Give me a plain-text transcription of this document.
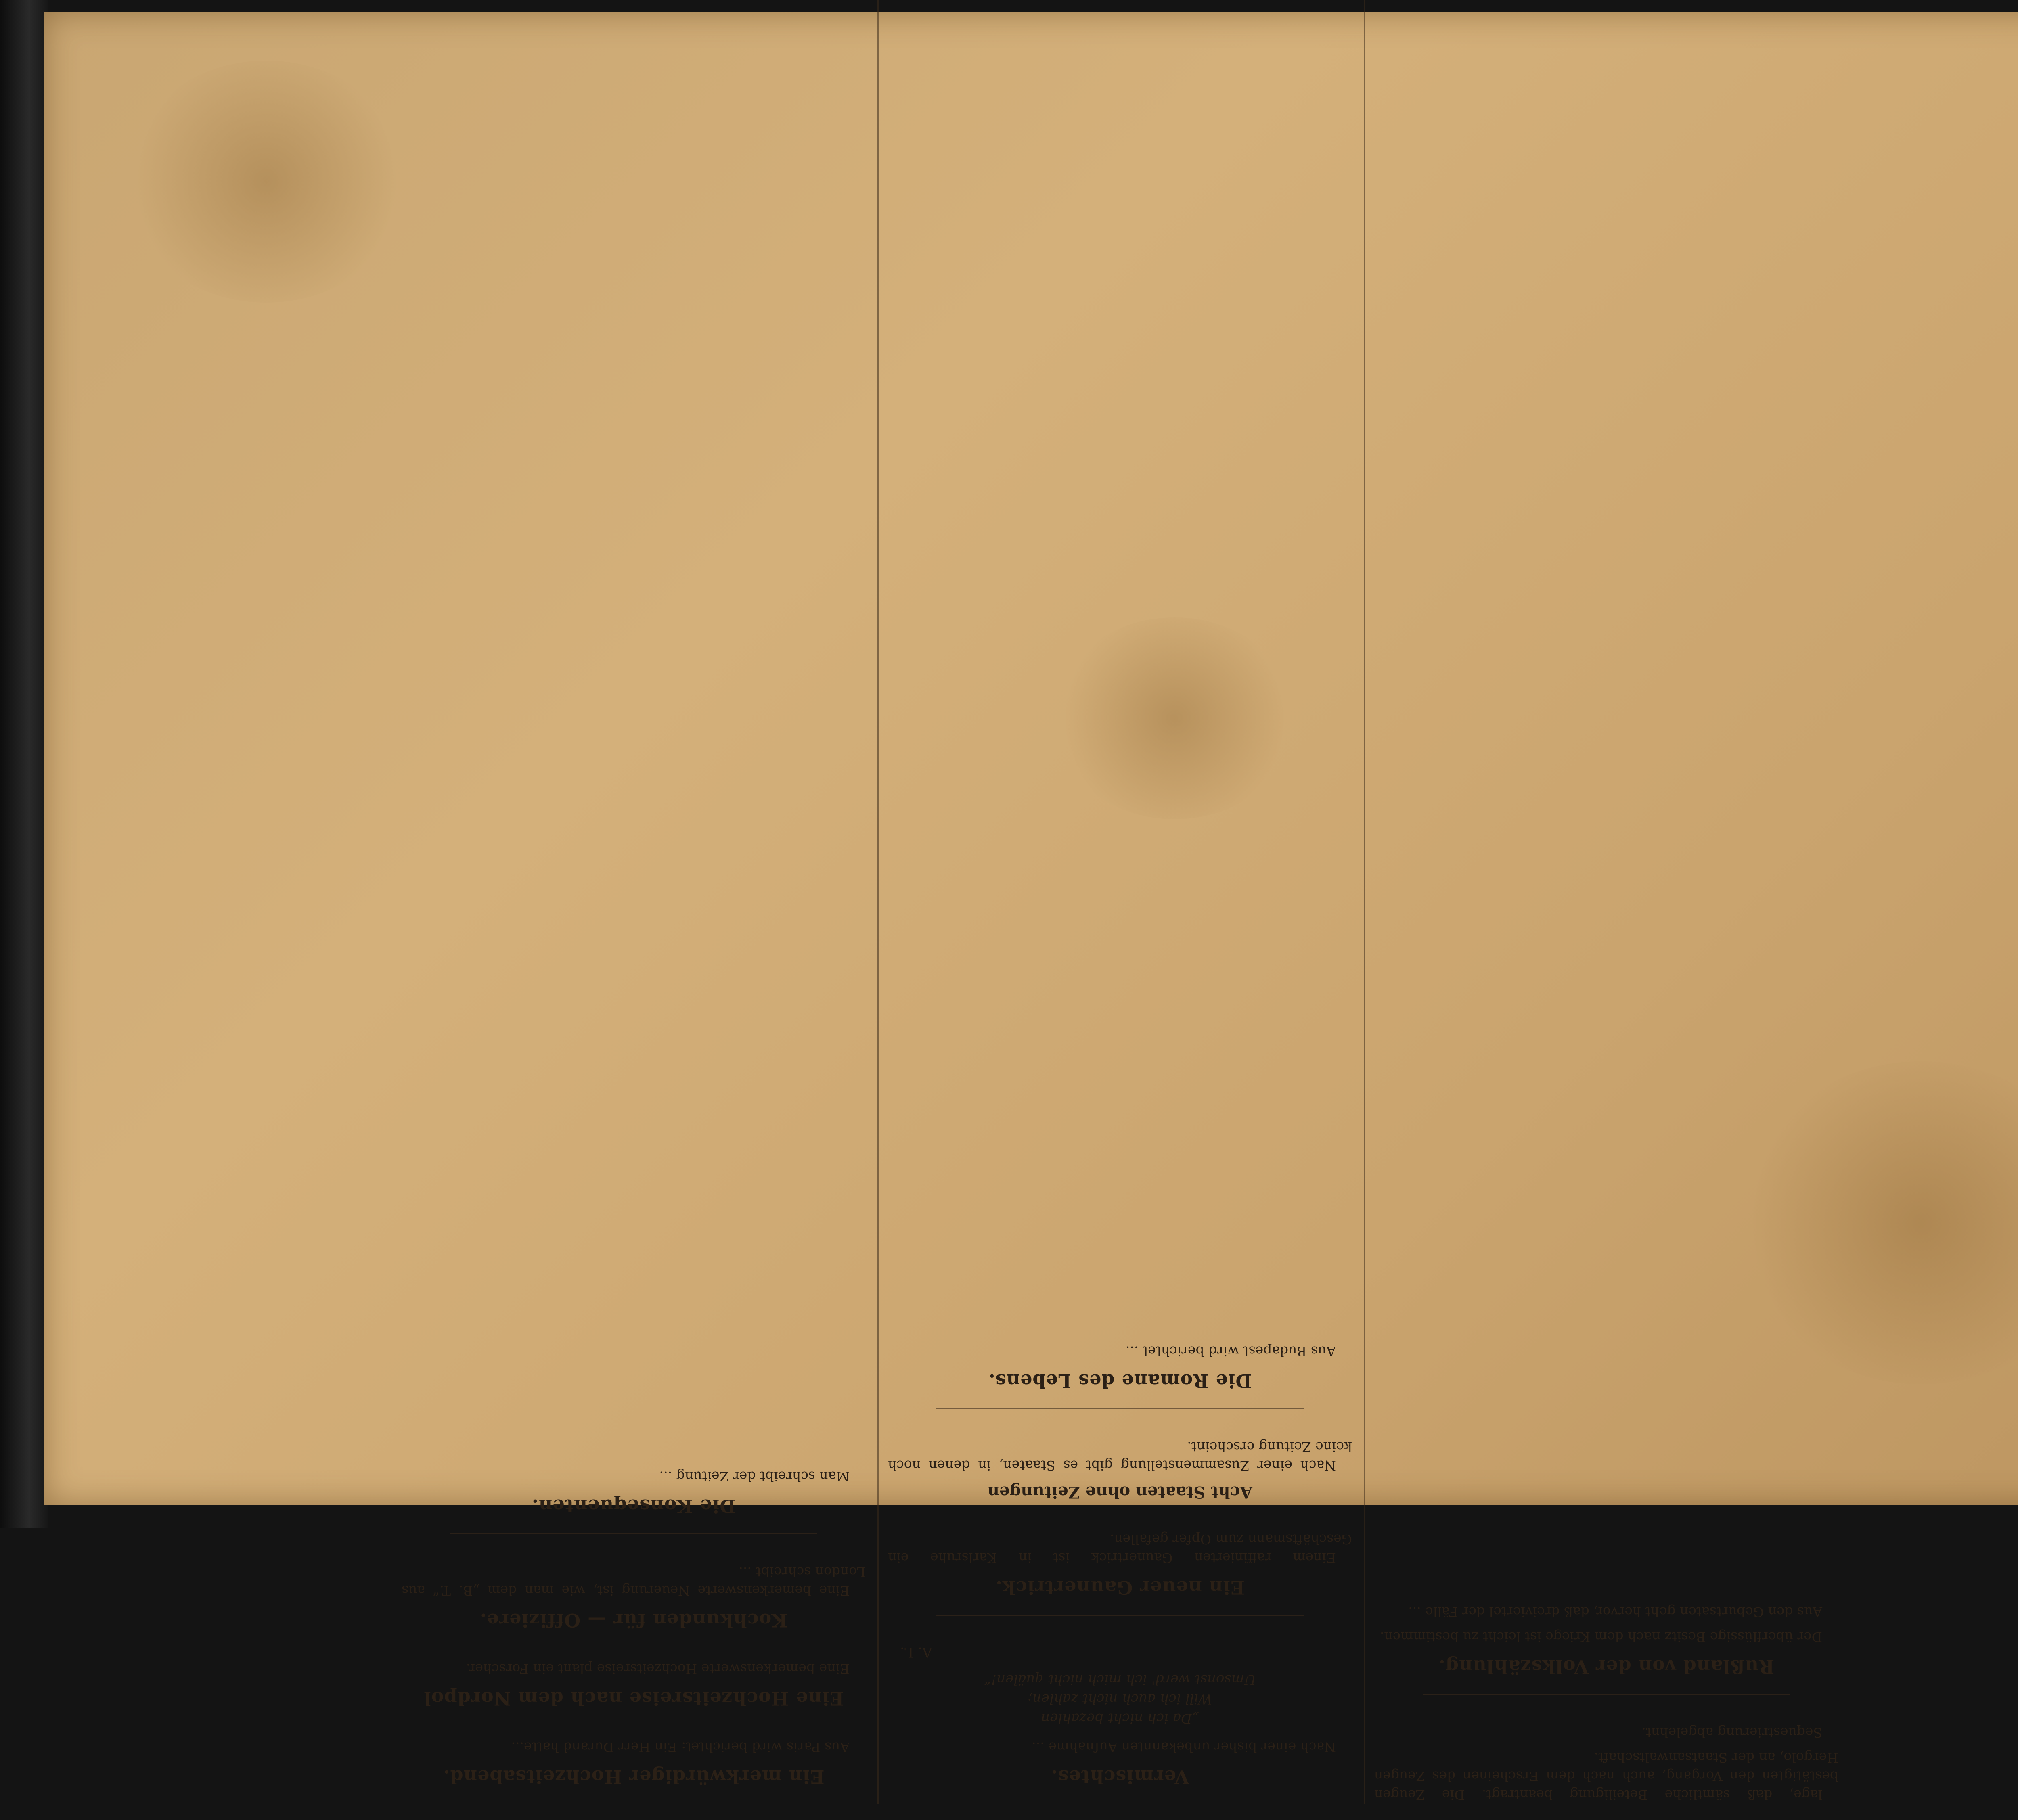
lage, daß sämtliche Beteiligung beantragt. Die Zeugen bestätigten den Vorgang, auch nach dem Erscheinen des Zeugen Hergolo, an der Staatsanwaltschaft.

Sequestrierung abgelehnt.

Rußland von der Volkszählung.

Der überflüssige Besitz nach dem Kriege ist leicht zu bestimmen.

Aus den Geburtsaten geht hervor, daß dreiviertel der Fälle ...

Vermischtes.

Nach einer bisher unbekannten Aufnahme ...

„Da ich nicht bezahlen
Will ich auch nicht zahlen;
Umsonst werd' ich mich nicht quälen!“
A. L.
Ein neuer Gaunertrick.

Einem raffinierten Gaunertrick ist in Karlsruhe ein Geschäftsmann zum Opfer gefallen.

Acht Staaten ohne Zeitungen

Nach einer Zusammenstellung gibt es Staaten, in denen noch keine Zeitung erscheint.

Die Romane des Lebens.

Aus Budapest wird berichtet ...

Ein merkwürdiger Hochzeitsabend.

Aus Paris wird berichtet: Ein Herr Durand hatte...

Eine Hochzeitsreise nach dem Nordpol

Eine bemerkenswerte Hochzeitsreise plant ein Forscher.

Kochkunden für — Offiziere.

Eine bemerkenswerte Neuerung ist, wie man dem „B. T.“ aus London schreibt ...

Die Konsequenten.

Man schreibt der Zeitung ...
